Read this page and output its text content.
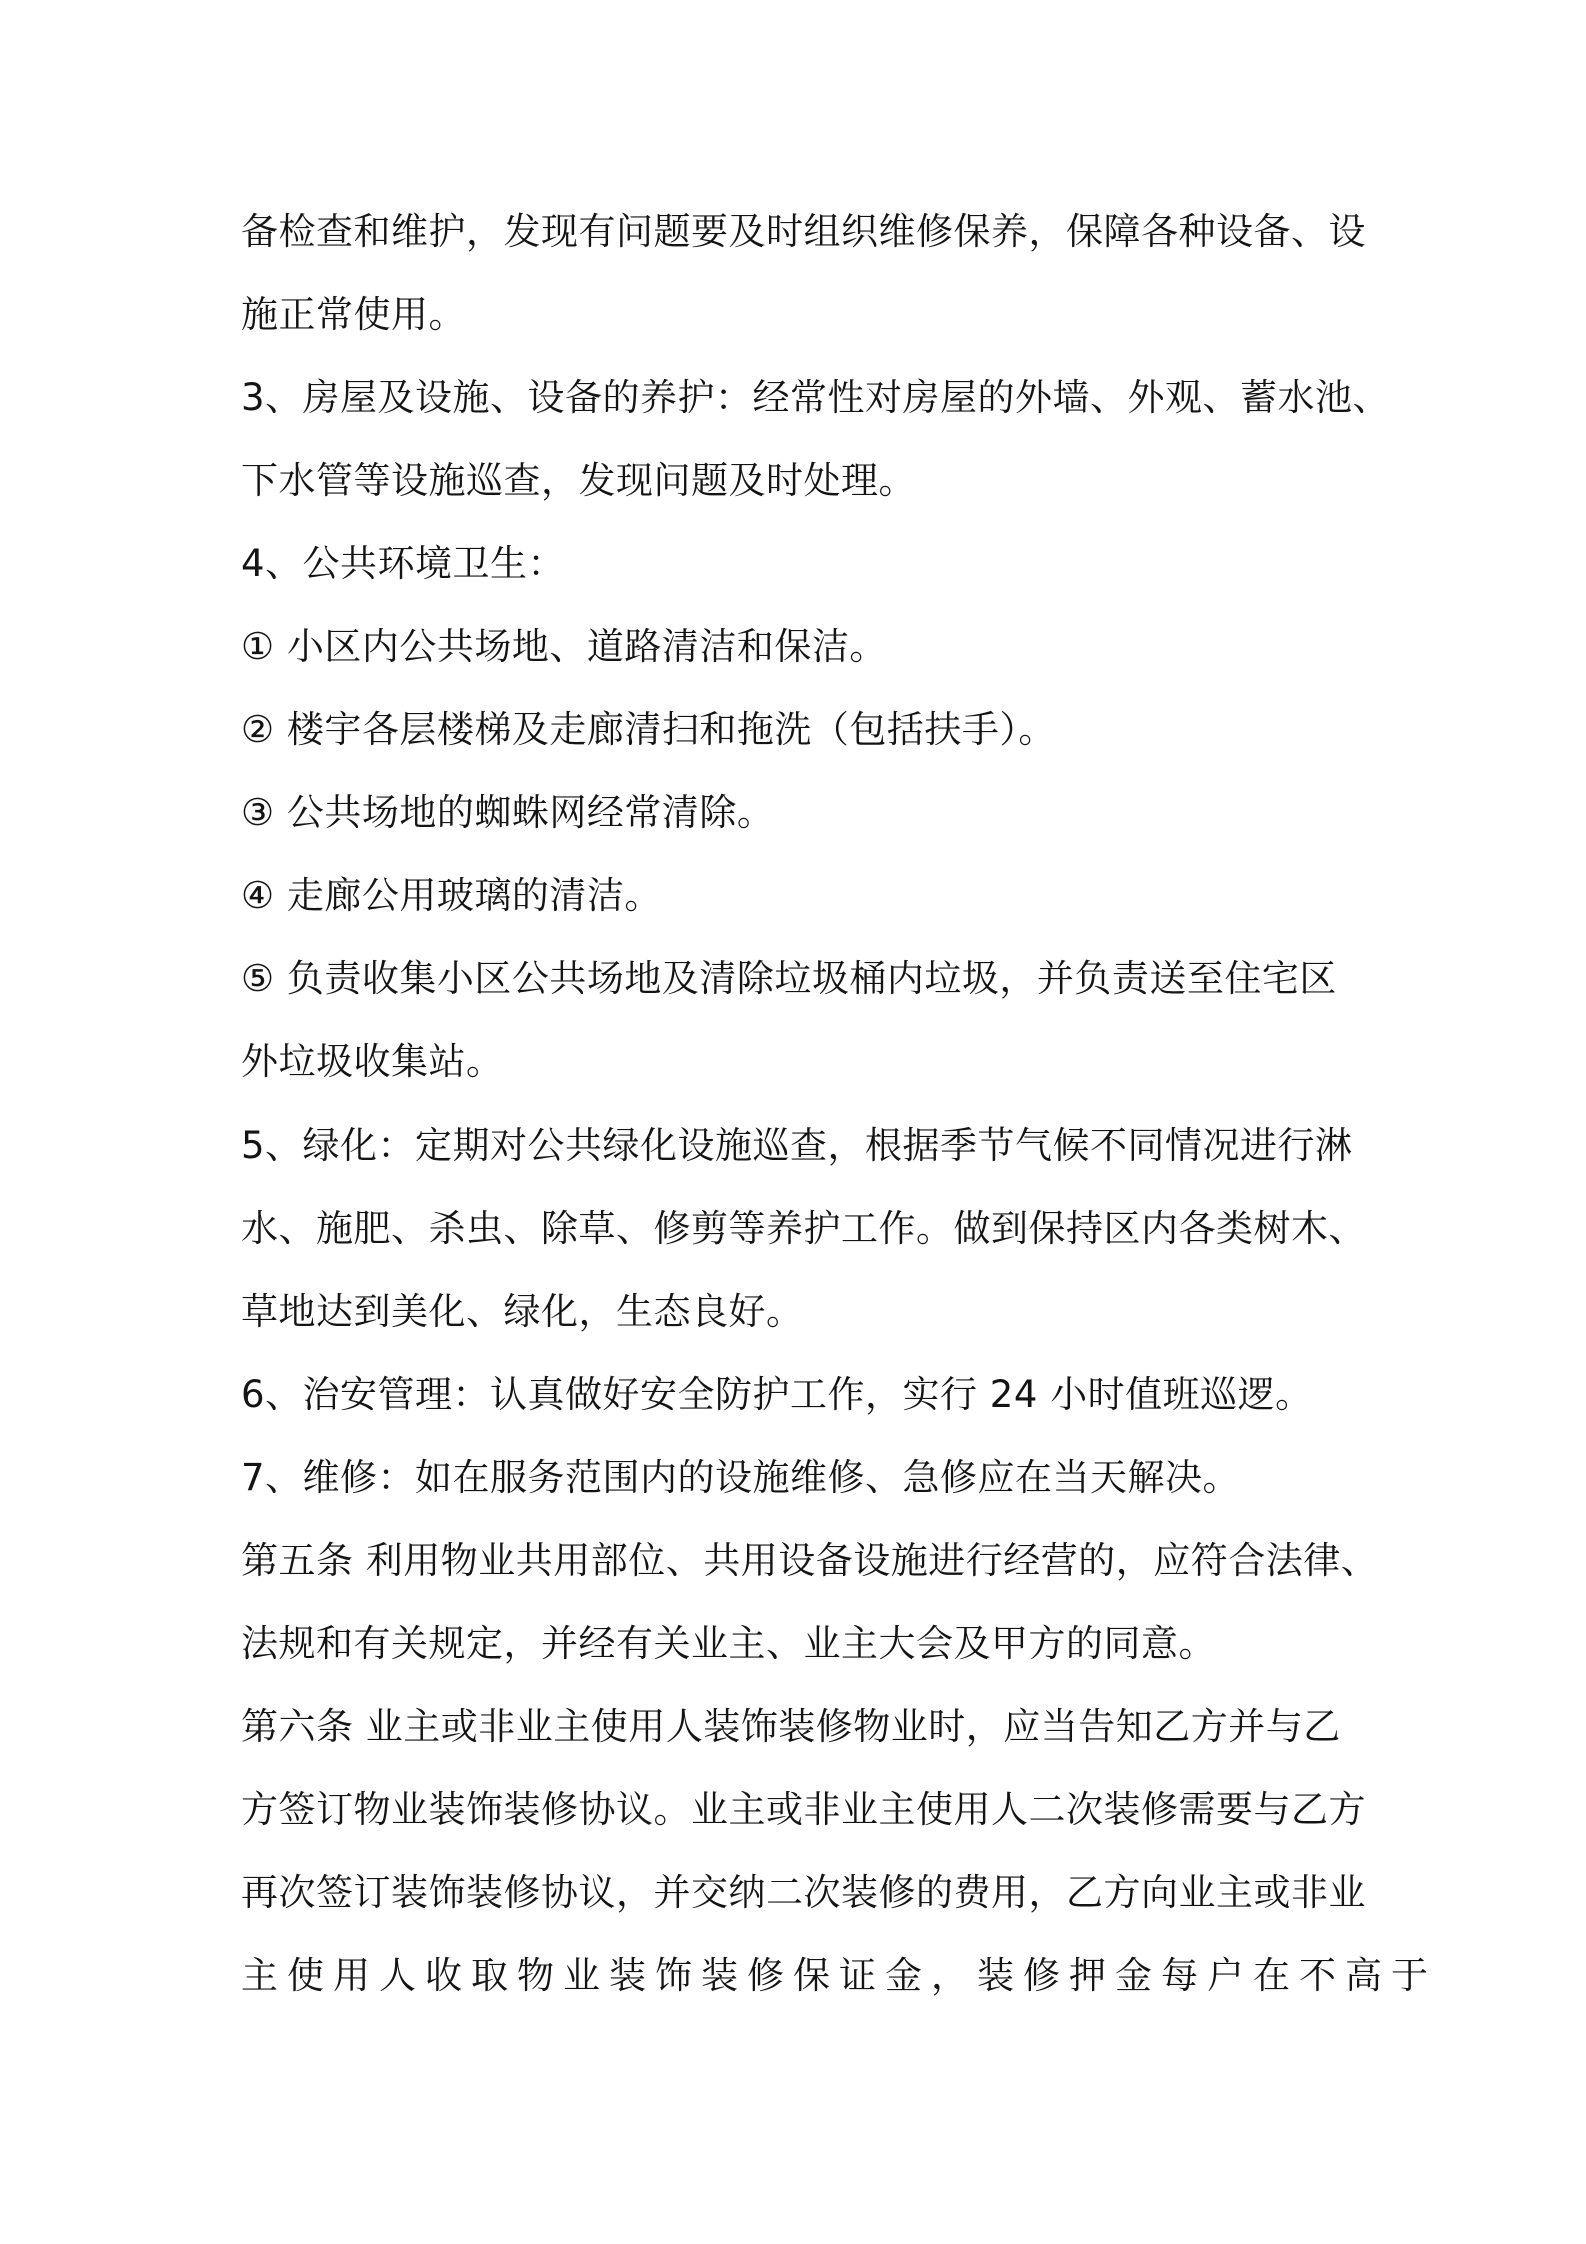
备检查和维护，发现有问题要及时组织维修保养，保障各种设备、设
施正常使用。
3、房屋及设施、设备的养护：经常性对房屋的外墙、外观、蓄水池、
下水管等设施巡查，发现问题及时处理。
4、公共环境卫生：
① 小区内公共场地、道路清洁和保洁。
② 楼宇各层楼梯及走廊清扫和拖洗（包括扶手）。
③ 公共场地的蜘蛛网经常清除。
④ 走廊公用玻璃的清洁。
⑤ 负责收集小区公共场地及清除垃圾桶内垃圾，并负责送至住宅区
外垃圾收集站。
5、绿化：定期对公共绿化设施巡查，根据季节气候不同情况进行淋
水、施肥、杀虫、除草、修剪等养护工作。做到保持区内各类树木、
草地达到美化、绿化，生态良好。
6、治安管理：认真做好安全防护工作，实行 24 小时值班巡逻。
7、维修：如在服务范围内的设施维修、急修应在当天解决。
第五条 利用物业共用部位、共用设备设施进行经营的，应符合法律、
法规和有关规定，并经有关业主、业主大会及甲方的同意。
第六条 业主或非业主使用人装饰装修物业时，应当告知乙方并与乙
方签订物业装饰装修协议。业主或非业主使用人二次装修需要与乙方
再次签订装饰装修协议，并交纳二次装修的费用，乙方向业主或非业
主使用人收取物业装饰装修保证金，装修押金每户在不高于
